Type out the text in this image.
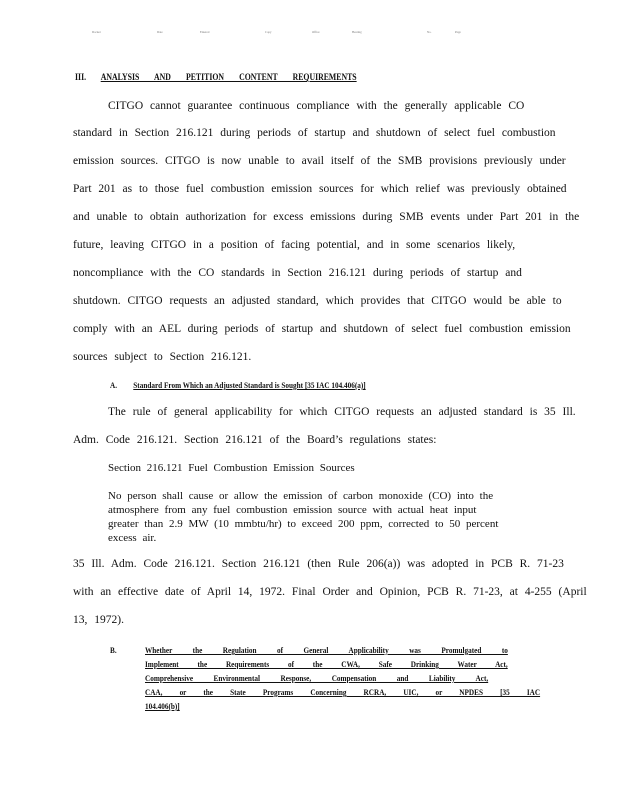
Docket	Date	Entered	Copy	Office	Hearing	No.	Page
III. ANALYSIS AND PETITION CONTENT REQUIREMENTS
CITGO cannot guarantee continuous compliance with the generally applicable CO
standard in Section 216.121 during periods of startup and shutdown of select fuel combustion
emission sources. CITGO is now unable to avail itself of the SMB provisions previously under
Part 201 as to those fuel combustion emission sources for which relief was previously obtained
and unable to obtain authorization for excess emissions during SMB events under Part 201 in the
future, leaving CITGO in a position of facing potential, and in some scenarios likely,
noncompliance with the CO standards in Section 216.121 during periods of startup and
shutdown. CITGO requests an adjusted standard, which provides that CITGO would be able to
comply with an AEL during periods of startup and shutdown of select fuel combustion emission
sources subject to Section 216.121.
A. Standard From Which an Adjusted Standard is Sought [35 IAC 104.406(a)]
The rule of general applicability for which CITGO requests an adjusted standard is 35 Ill.
Adm. Code 216.121. Section 216.121 of the Board’s regulations states:
Section 216.121 Fuel Combustion Emission Sources
No person shall cause or allow the emission of carbon monoxide (CO) into the
atmosphere from any fuel combustion emission source with actual heat input
greater than 2.9 MW (10 mmbtu/hr) to exceed 200 ppm, corrected to 50 percent
excess air.
35 Ill. Adm. Code 216.121. Section 216.121 (then Rule 206(a)) was adopted in PCB R. 71-23
with an effective date of April 14, 1972. Final Order and Opinion, PCB R. 71-23, at 4-255 (April
13, 1972).
B.	Whether the Regulation of General Applicability was Promulgated to
Implement the Requirements of the CWA, Safe Drinking Water Act,
Comprehensive Environmental Response, Compensation and Liability Act,
CAA, or the State Programs Concerning RCRA, UIC, or NPDES [35 IAC
104.406(b)]
